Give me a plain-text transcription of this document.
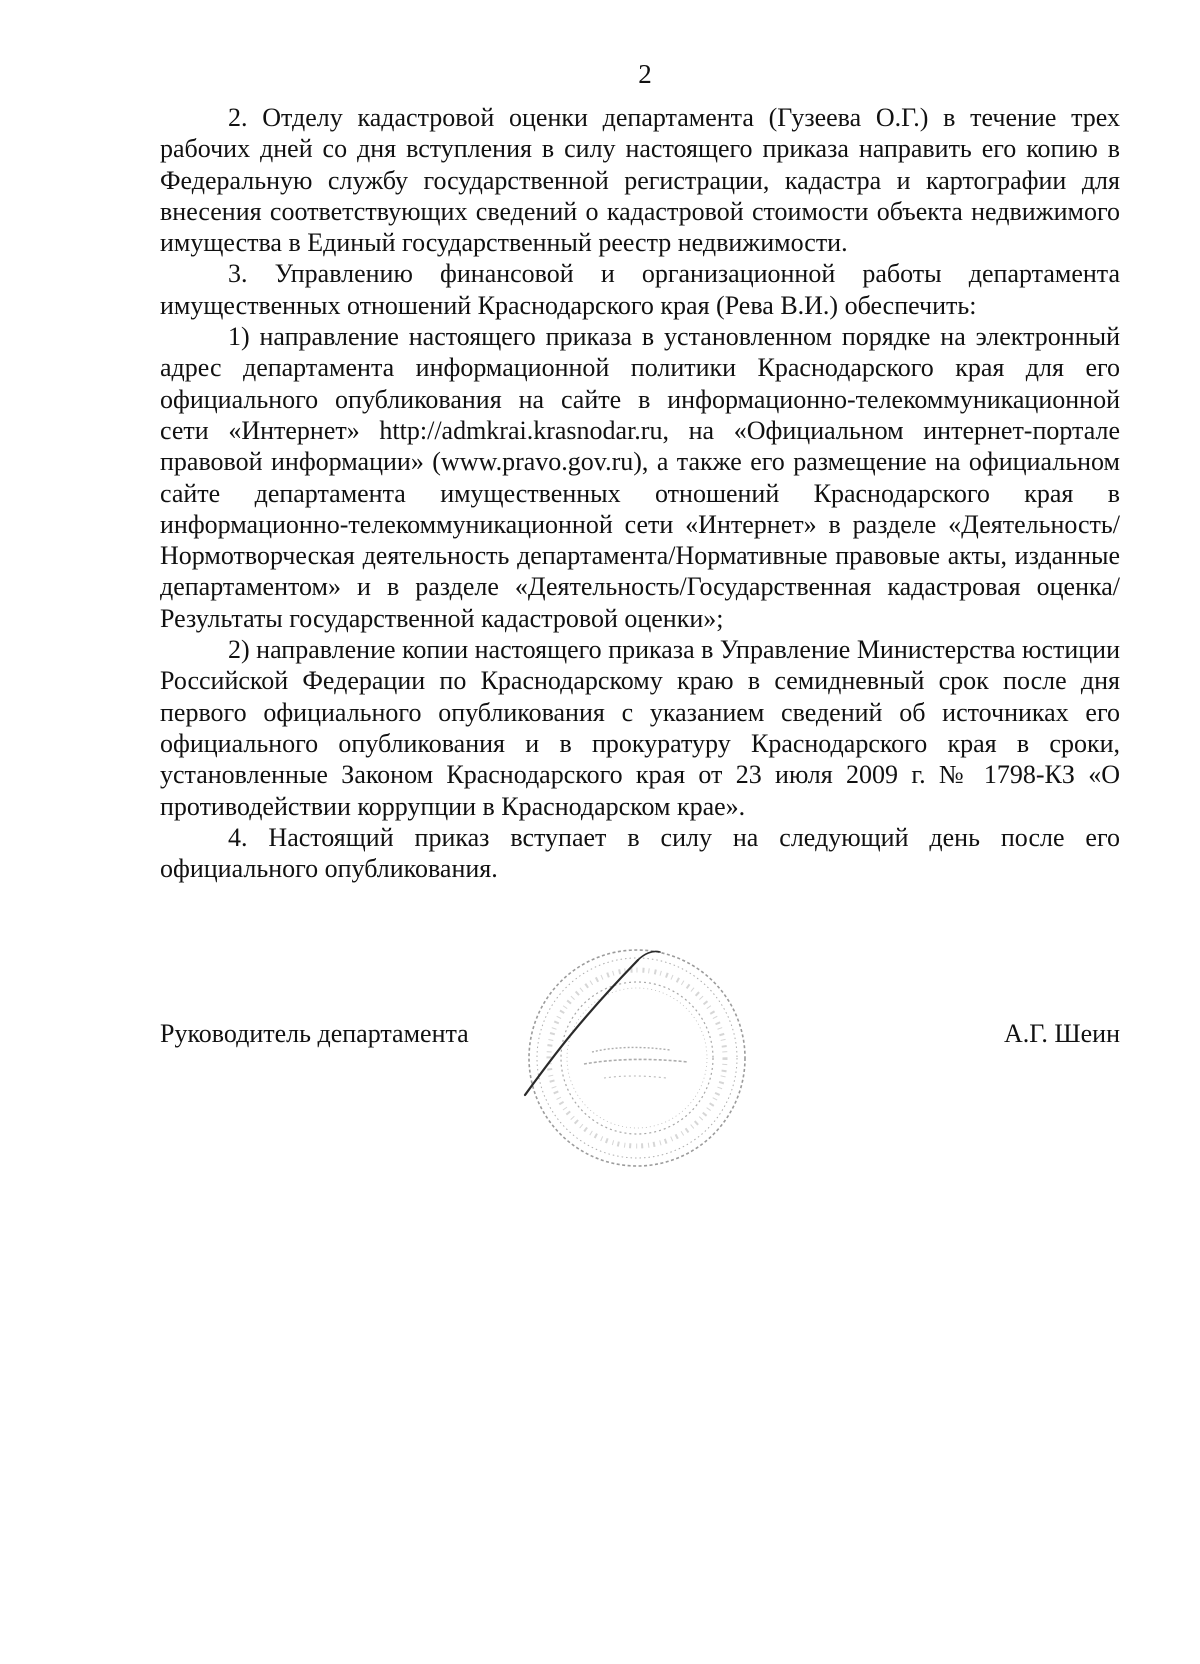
2

2. Отделу кадастровой оценки департамента (Гузеева О.Г.) в течение трех рабочих дней со дня вступления в силу настоящего приказа направить его копию в Федеральную службу государственной регистрации, кадастра и картографии для внесения соответствующих сведений о кадастровой стоимости объекта недвижимого имущества в Единый государственный реестр недвижимости.

3. Управлению финансовой и организационной работы департамента имущественных отношений Краснодарского края (Рева В.И.) обеспечить:

1) направление настоящего приказа в установленном порядке на электронный адрес департамента информационной политики Краснодарского края для его официального опубликования на сайте в информационно-телекоммуникационной сети «Интернет» http://admkrai.krasnodar.ru, на «Официальном интернет-портале правовой информации» (www.pravo.gov.ru), а также его размещение на официальном сайте департамента имущественных отношений Краснодарского края в информационно-телекоммуникационной сети «Интернет» в разделе «Деятельность/Нормотворческая деятельность департамента/Нормативные правовые акты, изданные департаментом» и в разделе «Деятельность/Государственная кадастровая оценка/Результаты государственной кадастровой оценки»;

2) направление копии настоящего приказа в Управление Министерства юстиции Российской Федерации по Краснодарскому краю в семидневный срок после дня первого официального опубликования с указанием сведений об источниках его официального опубликования и в прокуратуру Краснодарского края в сроки, установленные Законом Краснодарского края от 23 июля 2009 г. № 1798-КЗ «О противодействии коррупции в Краснодарском крае».

4. Настоящий приказ вступает в силу на следующий день после его официального опубликования.

Руководитель департамента	А.Г. Шеин
